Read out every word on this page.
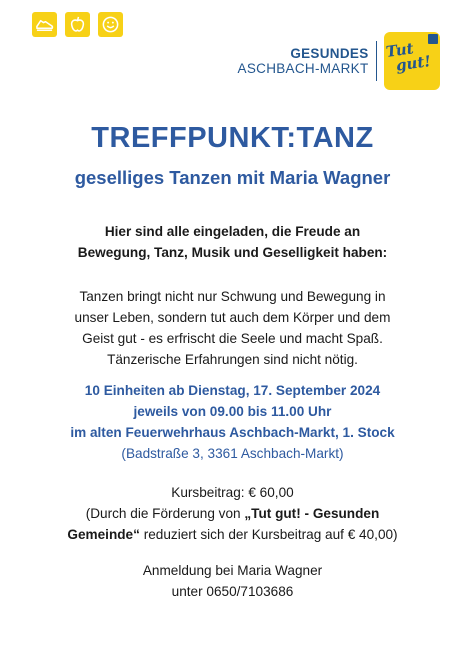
GESUNDES
ASCHBACH-MARKT
Tut
gut!
TREFFPUNKT:TANZ
geselliges Tanzen mit Maria Wagner

Hier sind alle eingeladen, die Freude an

Bewegung, Tanz, Musik und Geselligkeit haben:

Tanzen bringt nicht nur Schwung und Bewegung in

unser Leben, sondern tut auch dem Körper und dem

Geist gut - es erfrischt die Seele und macht Spaß.

Tänzerische Erfahrungen sind nicht nötig.

10 Einheiten ab Dienstag, 17. September 2024

jeweils von 09.00 bis 11.00 Uhr

im alten Feuerwehrhaus Aschbach-Markt, 1. Stock

(Badstraße 3, 3361 Aschbach-Markt)

Kursbeitrag: € 60,00

(Durch die Förderung von „Tut gut! - Gesunden

Gemeinde“ reduziert sich der Kursbeitrag auf € 40,00)

Anmeldung bei Maria Wagner

unter 0650/7103686
